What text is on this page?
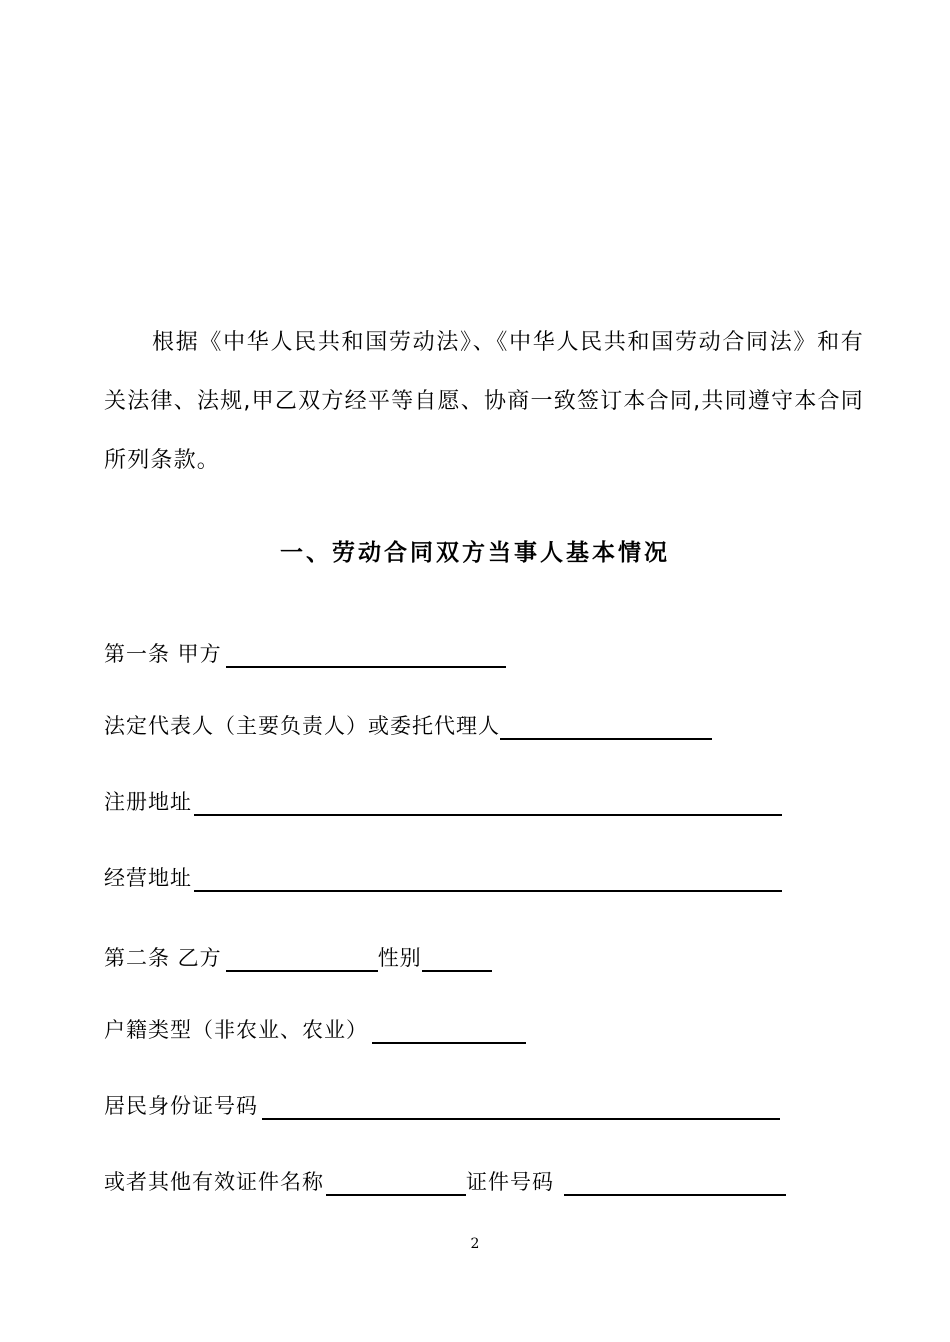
根据《中华人民共和国劳动法》、《中华人民共和国劳动合同法》和有关法律、法规,甲乙双方经平等自愿、协商一致签订本合同,共同遵守本合同所列条款。

一、劳动合同双方当事人基本情况
第一条 甲方
法定代表人（主要负责人）或委托代理人
注册地址
经营地址
第二条 乙方	性别
户籍类型（非农业、农业）
居民身份证号码
或者其他有效证件名称	证件号码
2
